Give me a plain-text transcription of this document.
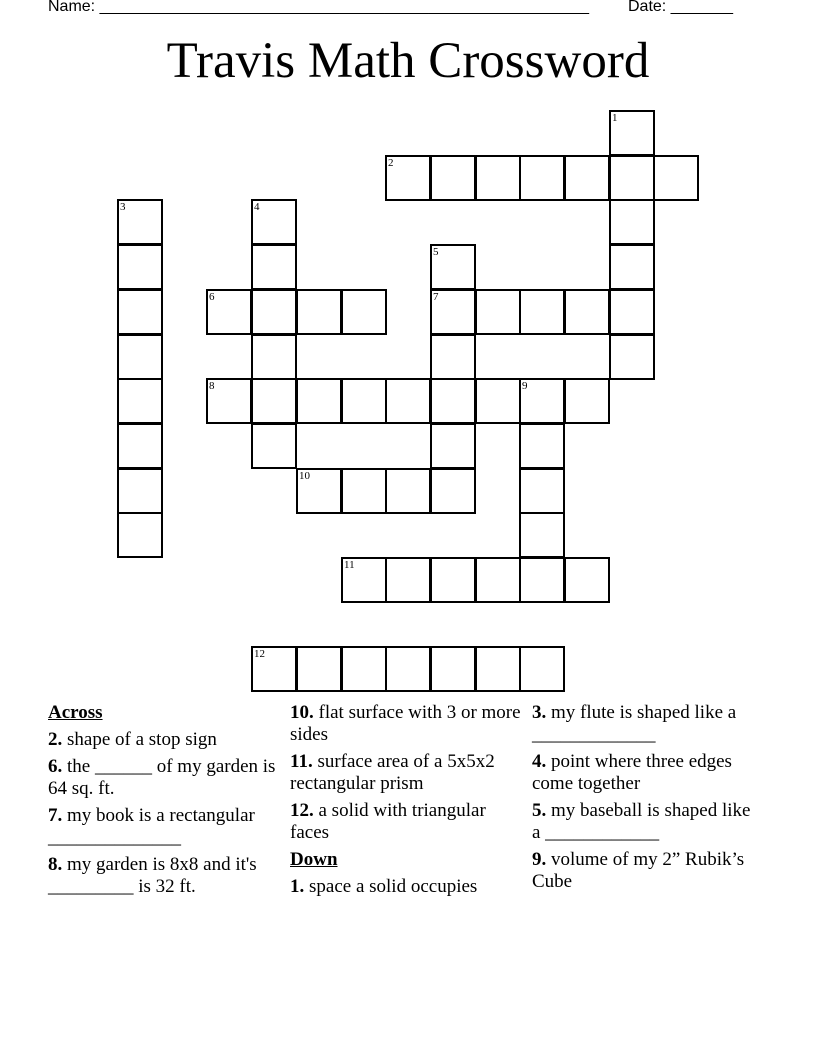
Name: _______________________________________________________ Date: _______
Travis Math Crossword
1
2
3	4
5
6	7
8	9
10
11
12
Across
2. shape of a stop sign
6. the ______ of my garden is 64 sq. ft.
7. my book is a rectangular ______________
8. my garden is 8x8 and it's _________ is 32 ft.
10. flat surface with 3 or more sides
11. surface area of a 5x5x2 rectangular prism
12. a solid with triangular faces
Down
1. space a solid occupies
3. my flute is shaped like a _____________
4. point where three edges come together
5. my baseball is shaped like a ____________
9. volume of my 2” Rubik’s Cube
